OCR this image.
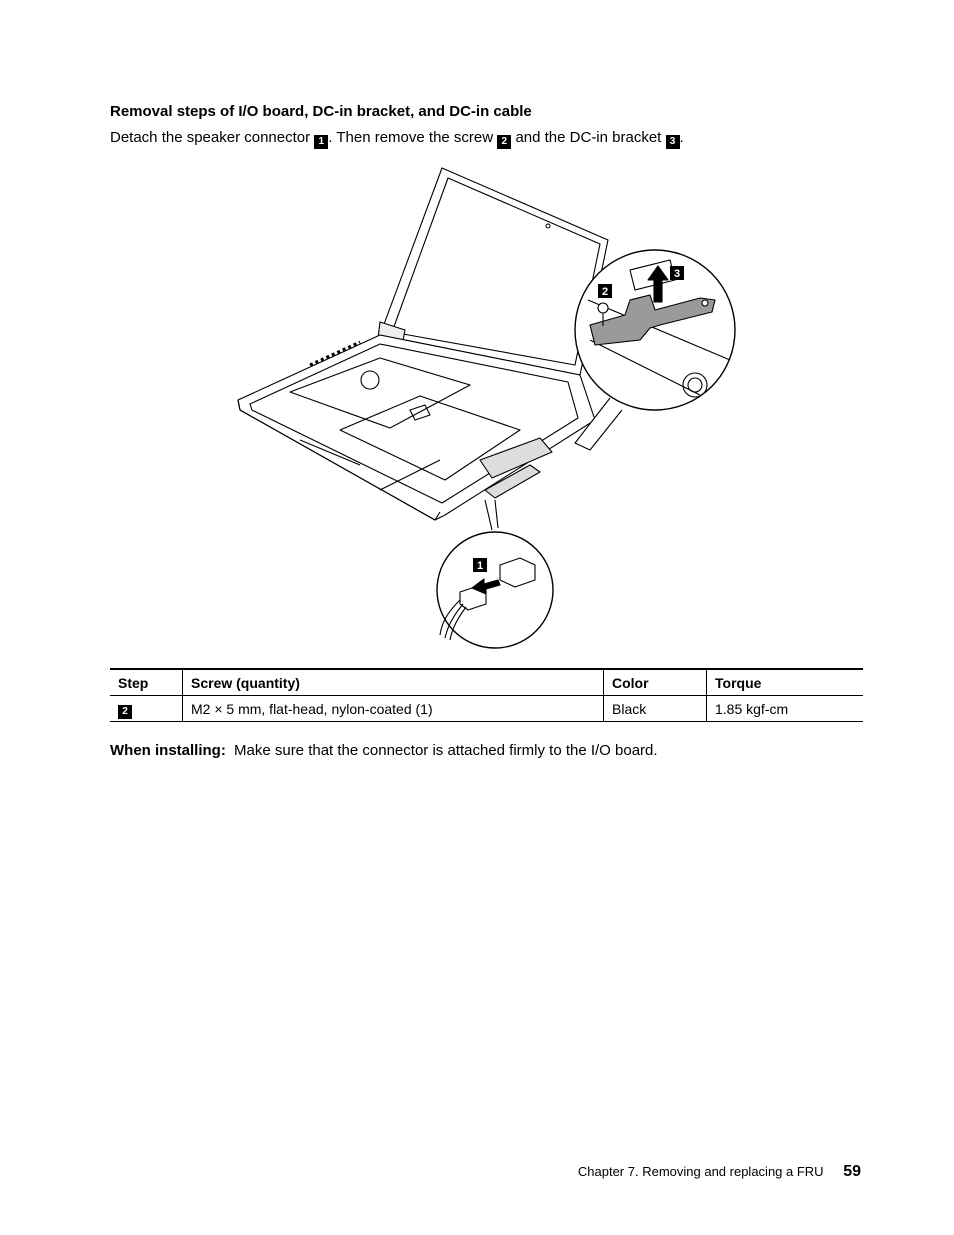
Removal steps of I/O board, DC-in bracket, and DC-in cable
Detach the speaker connector 1 . Then remove the screw 2 and the DC-in bracket 3 .
3
2
1
Step	Screw (quantity)	Color	Torque
2	M2 × 5 mm, flat-head, nylon-coated (1)	Black	1.85 kgf-cm
When installing: Make sure that the connector is attached firmly to the I/O board.
Chapter 7. Removing and replacing a FRU 59
